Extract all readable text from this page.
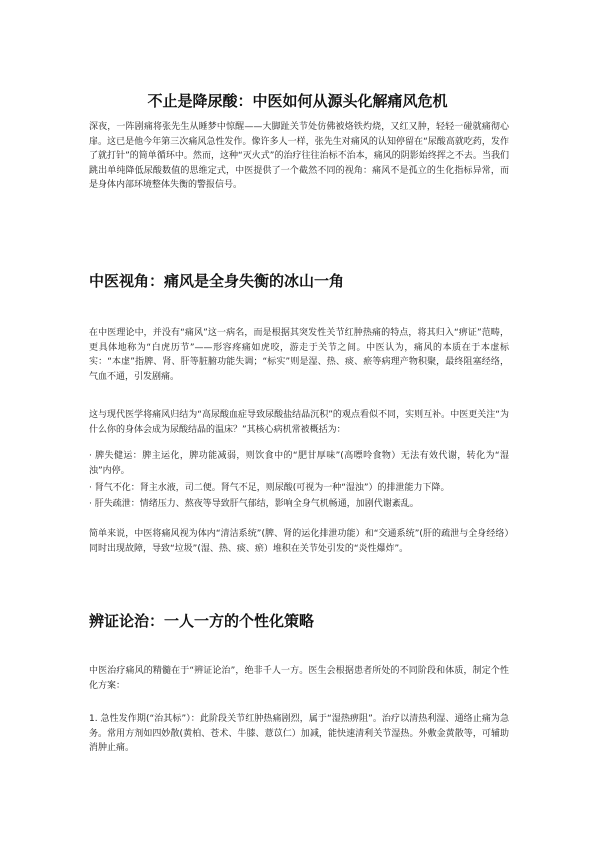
不止是降尿酸：中医如何从源头化解痛风危机

深夜，一阵剧痛将张先生从睡梦中惊醒——大脚趾关节处仿佛被烙铁灼烧，又红又肿，轻轻一碰就痛彻心扉。这已是他今年第三次痛风急性发作。像许多人一样，张先生对痛风的认知停留在“尿酸高就吃药，发作了就打针”的简单循环中。然而，这种“灭火式”的治疗往往治标不治本，痛风的阴影始终挥之不去。当我们跳出单纯降低尿酸数值的思维定式，中医提供了一个截然不同的视角：痛风不是孤立的生化指标异常，而是身体内部环境整体失衡的警报信号。

中医视角：痛风是全身失衡的冰山一角

在中医理论中，并没有“痛风”这一病名，而是根据其突发性关节红肿热痛的特点，将其归入“痹证”范畴，更具体地称为“白虎历节”——形容疼痛如虎咬，游走于关节之间。中医认为，痛风的本质在于本虚标实：“本虚”指脾、肾、肝等脏腑功能失调；“标实”则是湿、热、痰、瘀等病理产物积聚，最终阻塞经络，气血不通，引发剧痛。

这与现代医学将痛风归结为“高尿酸血症导致尿酸盐结晶沉积”的观点看似不同，实则互补。中医更关注“为什么你的身体会成为尿酸结晶的温床？”其核心病机常被概括为：

· 脾失健运：脾主运化，脾功能减弱，则饮食中的“肥甘厚味”(高嘌呤食物）无法有效代谢，转化为“湿浊”内停。

· 肾气不化：肾主水液，司二便。肾气不足，则尿酸(可视为一种“湿浊”）的排泄能力下降。

· 肝失疏泄：情绪压力、熬夜等导致肝气郁结，影响全身气机畅通，加剧代谢紊乱。

简单来说，中医将痛风视为体内“清洁系统”(脾、肾的运化排泄功能）和“交通系统”(肝的疏泄与全身经络）同时出现故障，导致“垃圾”(湿、热、痰、瘀）堆积在关节处引发的“炎性爆炸”。

辨证论治：一人一方的个性化策略

中医治疗痛风的精髓在于“辨证论治”，绝非千人一方。医生会根据患者所处的不同阶段和体质，制定个性化方案：

1. 急性发作期(“治其标”）：此阶段关节红肿热痛剧烈，属于“湿热痹阻”。治疗以清热利湿、通络止痛为急务。常用方剂如四妙散(黄柏、苍术、牛膝、薏苡仁）加减，能快速清利关节湿热。外敷金黄散等，可辅助消肿止痛。
